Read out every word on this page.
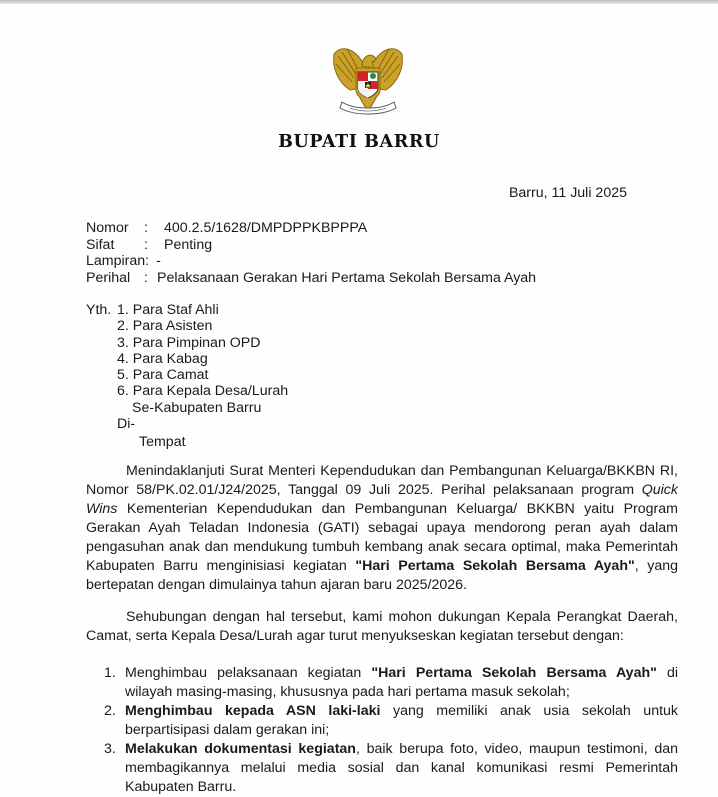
BUPATI BARRU
Barru, 11 Juli 2025
Nomor	:	400.2.5/1628/DMPDPPKBPPPA
Sifat	:	Penting
Lampiran : -
Perihal : Pelaksanaan Gerakan Hari Pertama Sekolah Bersama Ayah
Yth. 1. Para Staf Ahli
2. Para Asisten
3. Para Pimpinan OPD
4. Para Kabag
5. Para Camat
6. Para Kepala Desa/Lurah
Se-Kabupaten Barru
Di-
Tempat
Menindaklanjuti Surat Menteri Kependudukan dan Pembangunan Keluarga/BKKBN RI, Nomor 58/PK.02.01/J24/2025, Tanggal 09 Juli 2025. Perihal pelaksanaan program Quick Wins Kementerian Kependudukan dan Pembangunan Keluarga/ BKKBN yaitu Program Gerakan Ayah Teladan Indonesia (GATI) sebagai upaya mendorong peran ayah dalam pengasuhan anak dan mendukung tumbuh kembang anak secara optimal, maka Pemerintah Kabupaten Barru menginisiasi kegiatan "Hari Pertama Sekolah Bersama Ayah", yang bertepatan dengan dimulainya tahun ajaran baru 2025/2026.
Sehubungan dengan hal tersebut, kami mohon dukungan Kepala Perangkat Daerah, Camat, serta Kepala Desa/Lurah agar turut menyukseskan kegiatan tersebut dengan:
1. Menghimbau pelaksanaan kegiatan "Hari Pertama Sekolah Bersama Ayah" di wilayah masing-masing, khususnya pada hari pertama masuk sekolah;
2. Menghimbau kepada ASN laki-laki yang memiliki anak usia sekolah untuk berpartisipasi dalam gerakan ini;
3. Melakukan dokumentasi kegiatan, baik berupa foto, video, maupun testimoni, dan membagikannya melalui media sosial dan kanal komunikasi resmi Pemerintah Kabupaten Barru.
